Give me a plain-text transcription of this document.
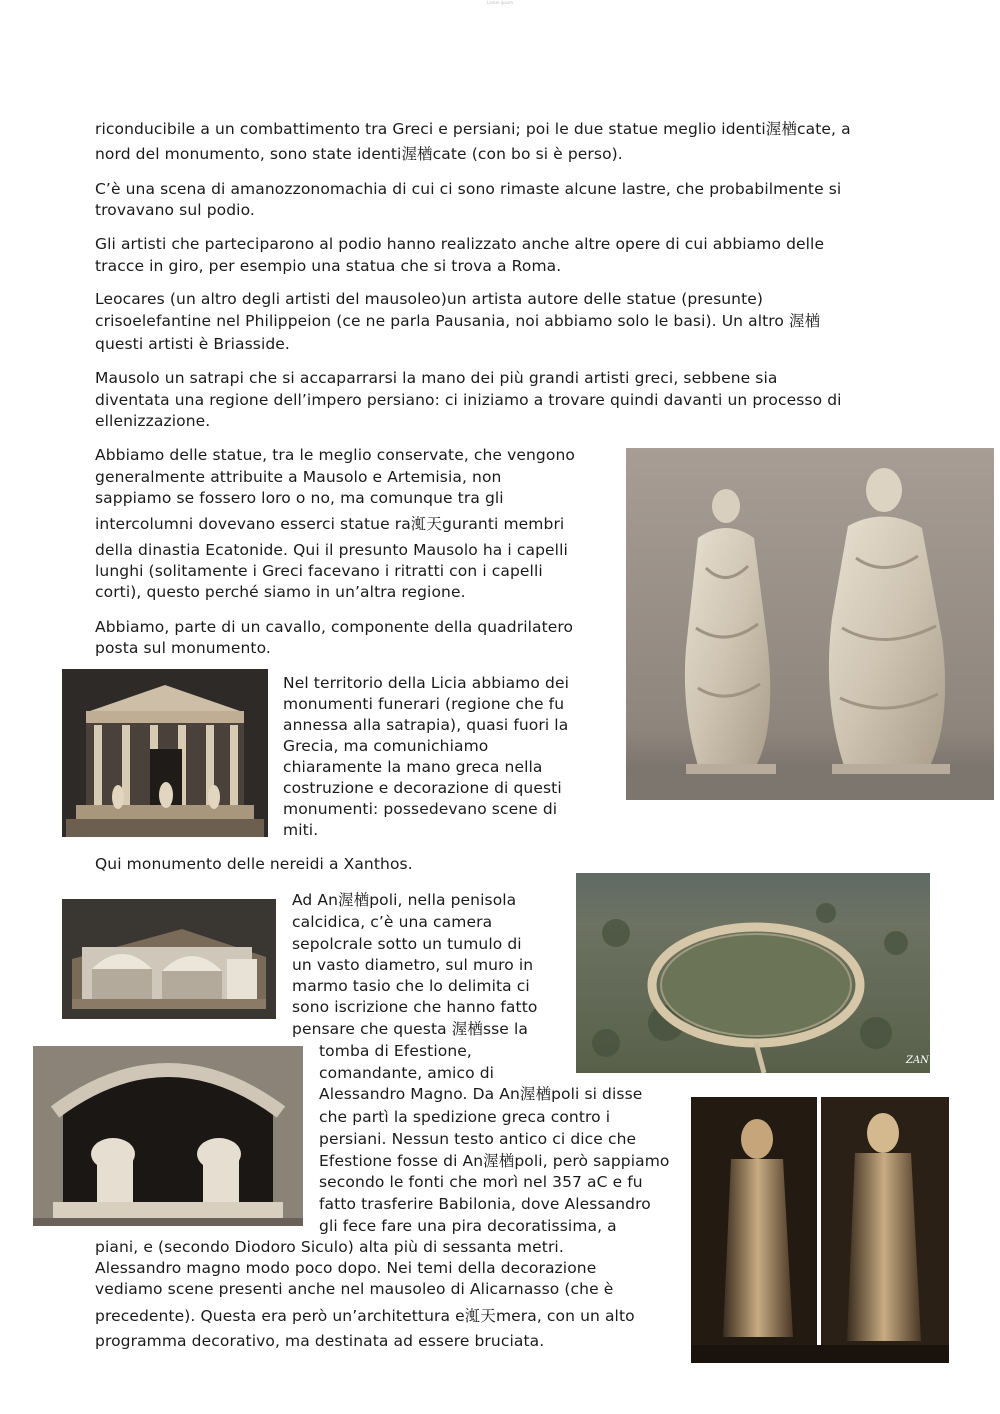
Lorem ipsum
riconducibile a un combattimento tra Greci e persiani; poi le due statue meglio identi渥楢cate, a
nord del monumento, sono state identi渥楢cate (con bo si è perso).
C’è una scena di amanozzonomachia di cui ci sono rimaste alcune lastre, che probabilmente si
trovavano sul podio.
Gli artisti che parteciparono al podio hanno realizzato anche altre opere di cui abbiamo delle
tracce in giro, per esempio una statua che si trova a Roma.
Leocares (un altro degli artisti del mausoleo)un artista autore delle statue (presunte)
crisoelefantine nel Philippeion (ce ne parla Pausania, noi abbiamo solo le basi). Un altro 渥楢
questi artisti è Briasside.
Mausolo un satrapi che si accaparrarsi la mano dei più grandi artisti greci, sebbene sia
diventata una regione dell’impero persiano: ci iniziamo a trovare quindi davanti un processo di
ellenizzazione.
Abbiamo delle statue, tra le meglio conservate, che vengono
generalmente attribuite a Mausolo e Artemisia, non
sappiamo se fossero loro o no, ma comunque tra gli
intercolumni dovevano esserci statue ra渱天guranti membri
della dinastia Ecatonide. Qui il presunto Mausolo ha i capelli
lunghi (solitamente i Greci facevano i ritratti con i capelli
corti), questo perché siamo in un’altra regione.
Abbiamo, parte di un cavallo, componente della quadrilatero
posta sul monumento.
Nel territorio della Licia abbiamo dei
monumenti funerari (regione che fu
annessa alla satrapia), quasi fuori la
Grecia, ma comunichiamo
chiaramente la mano greca nella
costruzione e decorazione di questi
monumenti: possedevano scene di
miti.
Qui monumento delle nereidi a Xanthos.
Ad An渥楢poli, nella penisola
calcidica, c’è una camera
sepolcrale sotto un tumulo di
un vasto diametro, sul muro in
marmo tasio che lo delimita ci
sono iscrizione che hanno fatto
pensare che questa 渥楢sse la
tomba di Efestione,
comandante, amico di
Alessandro Magno. Da An渥楢poli si disse
che partì la spedizione greca contro i
persiani. Nessun testo antico ci dice che
Efestione fosse di An渥楢poli, però sappiamo
secondo le fonti che morì nel 357 aC e fu
fatto trasferire Babilonia, dove Alessandro
gli fece fare una pira decoratissima, a
piani, e (secondo Diodoro Siculo) alta più di sessanta metri.
Alessandro magno modo poco dopo. Nei temi della decorazione
vediamo scene presenti anche nel mausoleo di Alicarnasso (che è
precedente). Questa era però un’architettura e渱天mera, con un alto
programma decorativo, ma destinata ad essere bruciata.
ZAN
